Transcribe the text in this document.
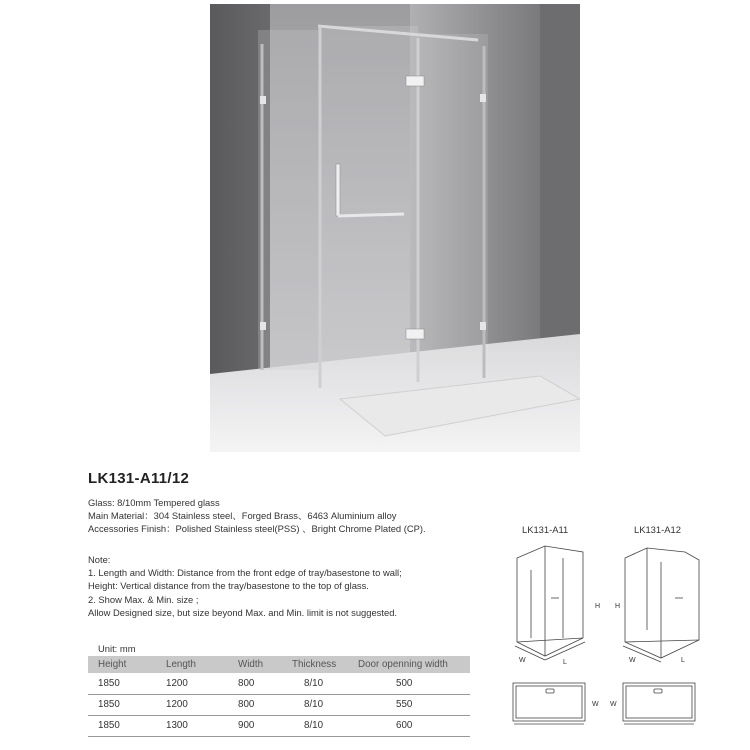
LK131-A11/12
Glass: 8/10mm Tempered glass
Main Material：304 Stainless steel、Forged Brass、6463 Aluminium alloy
Accessories Finish：Polished Stainless steel(PSS) 、Bright Chrome Plated (CP).
Note:
1. Length and Width: Distance from the front edge of tray/basestone to wall;
Height: Vertical distance from the tray/basestone to the top of glass.
2. Show Max. & Min. size ;
Allow Designed size, but size beyond Max. and Min. limit is not suggested.
Unit: mm
Height	Length	Width	Thickness	Door openning width
1850	1200	800	8/10	500
1850	1200	800	8/10	550
1850	1300	900	8/10	600
LK131-A11	LK131-A12
H
W	L
H
W	L
W W
